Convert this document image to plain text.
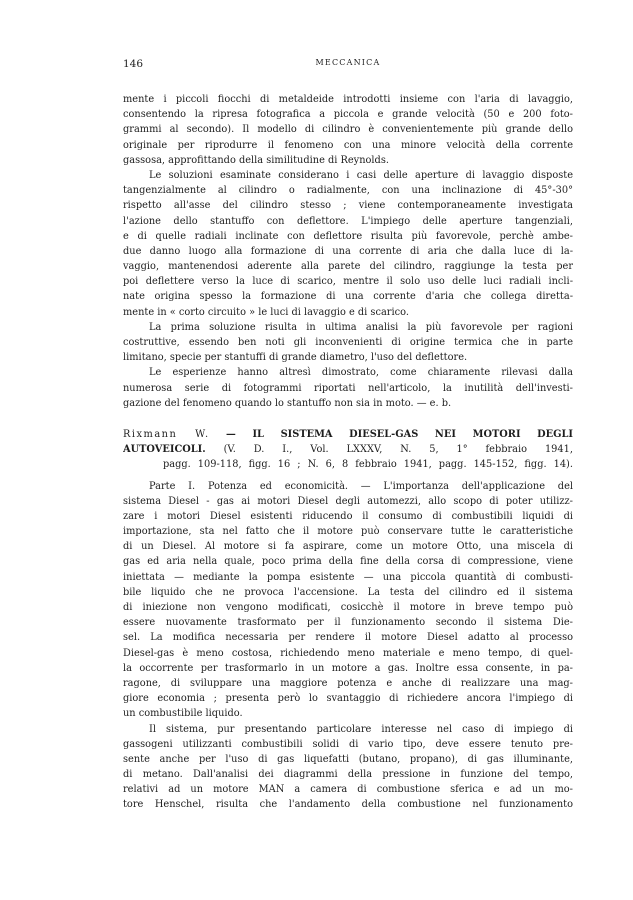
146	MECCANICA
mente i piccoli fiocchi di metaldeide introdotti insieme con l'aria di lavaggio,
consentendo la ripresa fotografica a piccola e grande velocità (50 e 200 foto-
grammi al secondo). Il modello di cilindro è convenientemente più grande dello
originale per riprodurre il fenomeno con una minore velocità della corrente
gassosa, approfittando della similitudine di Reynolds.
Le soluzioni esaminate consideranо i casi delle aperture di lavaggio disposte
tangenzialmente al cilindro o radialmente, con una inclinazione di 45°-30°
rispetto all'asse del cilindro stesso ; viene contemporaneamente investigata
l'azione dello stantuffo con deflettore. L'impiego delle aperture tangenziali,
e di quelle radiali inclinate con deflettore risulta più favorevole, perchè ambe-
due danno luogo alla formazione di una corrente di aria che dalla luce di la-
vaggio, mantenendosi aderente alla parete del cilindro, raggiunge la testa per
poi deflettere verso la luce di scarico, mentre il solo uso delle luci radiali incli-
nate origina spesso la formazione di una corrente d'aria che collega diretta-
mente in « corto circuito » le luci di lavaggio e di scarico.
La prima soluzione risulta in ultima analisi la più favorevole per ragioni
costruttive, essendo ben noti gli inconvenienti di origine termica che in parte
limitano, specie per stantuffi di grande diametro, l'uso del deflettore.
Le esperienze hanno altresì dimostrato, come chiaramente rilevasi dalla
numerosa serie di fotogrammi riportati nell'articolo, la inutilità dell'investi-
gazione del fenomeno quando lo stantuffo non sia in moto. — e. b.
Rixmann W. — IL SISTEMA DIESEL-GAS NEI MOTORI DEGLI
AUTOVEICOLI. (V. D. I., Vol. LXXXV, N. 5, 1° febbraio 1941,
pagg. 109-118, figg. 16 ; N. 6, 8 febbraio 1941, pagg. 145-152, figg. 14).
Parte I. Potenza ed economicità. — L'importanza dell'applicazione del
sistema Diesel - gas ai motori Diesel degli automezzi, allo scopo di poter utilizz-
zare i motori Diesel esistenti riducendo il consumo di combustibili liquidi di
importazione, sta nel fatto che il motore può conservare tutte le caratteristiche
di un Diesel. Al motore si fa aspirare, come un motore Otto, una miscela di
gas ed aria nella quale, poco prima della fine della corsa di compressione, viene
iniettata — mediante la pompa esistente — una piccola quantità di combusti-
bile liquido che ne provoca l'accensione. La testa del cilindro ed il sistema
di iniezione non vengono modificati, cosicchè il motore in breve tempo può
essere nuovamente trasformato per il funzionamento secondo il sistema Die-
sel. La modifica necessaria per rendere il motore Diesel adatto al processo
Diesel-gas è meno costosa, richiedendo meno materiale e meno tempo, di quel-
la occorrente per trasformarlo in un motore a gas. Inoltre essa consente, in pa-
ragone, di sviluppare una maggiore potenza e anche di realizzare una mag-
giore economia ; presenta però lo svantaggio di richiedere ancora l'impiego di
un combustibile liquido.
Il sistema, pur presentando particolare interesse nel caso di impiego di
gassogeni utilizzanti combustibili solidi di vario tipo, deve essere tenuto pre-
sente anche per l'uso di gas liquefatti (butano, propano), di gas illuminante,
di metano. Dall'analisi dei diagrammi della pressione in funzione del tempo,
relativi ad un motore MAN a camera di combustione sferica e ad un mo-
tore Henschel, risulta che l'andamento della combustione nel funzionamento
